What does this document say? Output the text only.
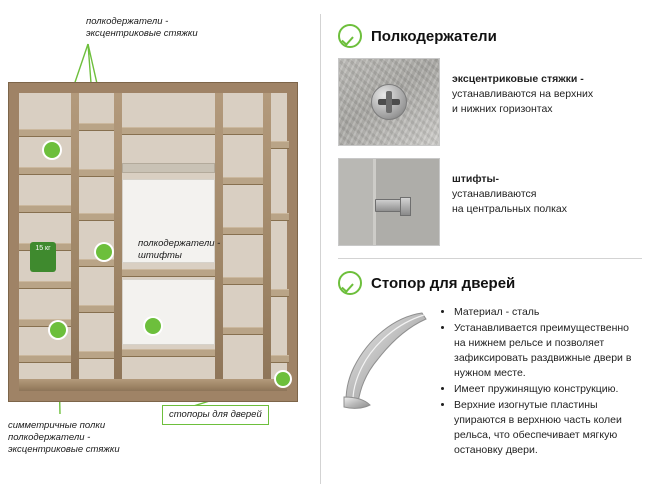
15 кг
полкодержатели -
эксцентриковые стяжки
полкодержатели -
штифты
стопоры для дверей
симметричные полки
полкодержатели -
эксцентриковые стяжки
Полкодержатели
эксцентриковые стяжки -
устанавливаются на верхних
и нижних горизонтах
штифты-
устанавливаются
на центральных полках
Стопор для дверей
• Материал - сталь
• Устанавливается преимущественно на нижнем рельсе и позволяет зафиксировать раздвижные двери в нужном месте.
• Имеет пружинящую конструкцию.
• Верхние изогнутые пластины упираются в верхнюю часть колеи рельса, что обеспечивает мягкую остановку двери.
